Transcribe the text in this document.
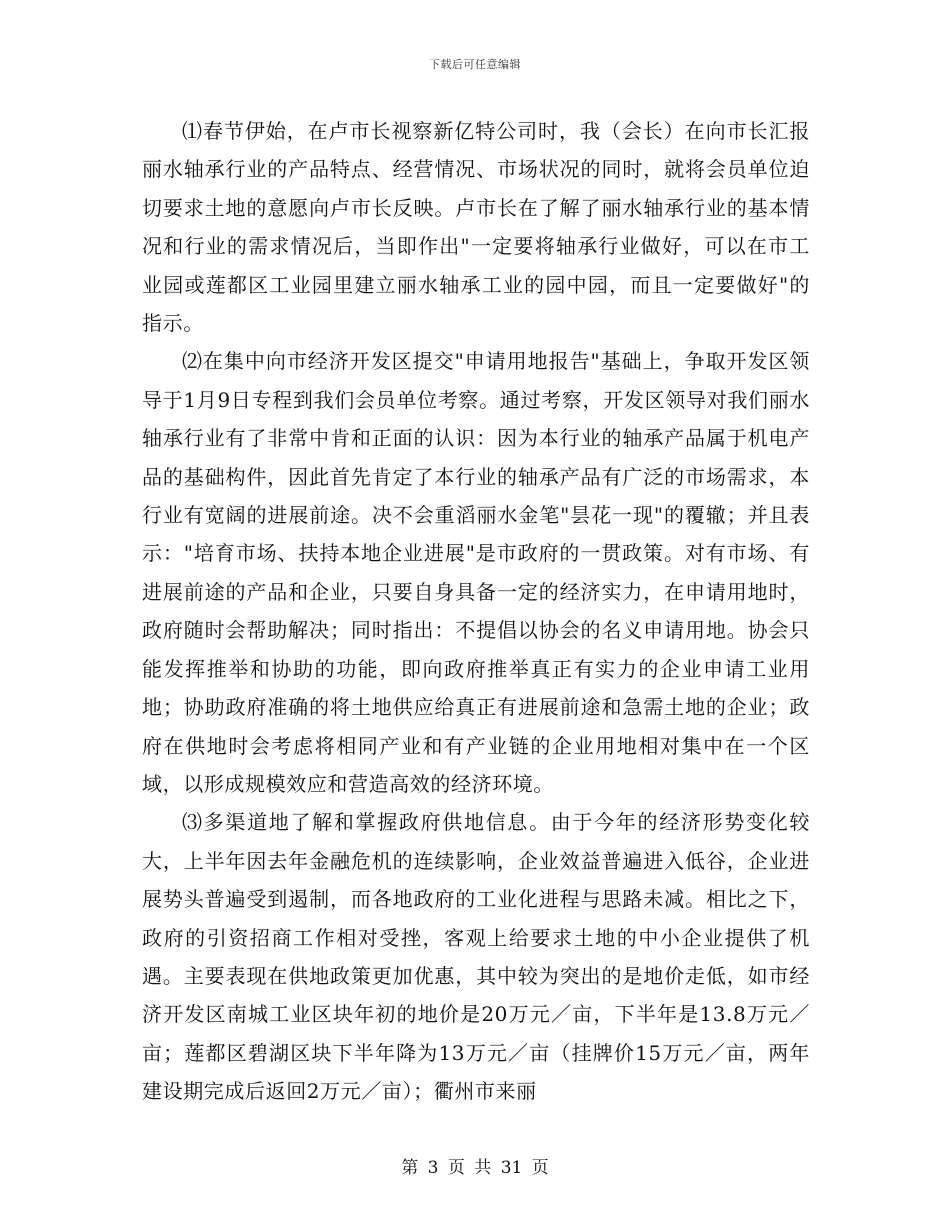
下载后可任意编辑

⑴春节伊始，在卢市长视察新亿特公司时，我（会长）在向市长汇报丽水轴承行业的产品特点、经营情况、市场状况的同时，就将会员单位迫切要求土地的意愿向卢市长反映。卢市长在了解了丽水轴承行业的基本情况和行业的需求情况后，当即作出"一定要将轴承行业做好，可以在市工业园或莲都区工业园里建立丽水轴承工业的园中园，而且一定要做好"的指示。

⑵在集中向市经济开发区提交"申请用地报告"基础上，争取开发区领导于1月9日专程到我们会员单位考察。通过考察，开发区领导对我们丽水轴承行业有了非常中肯和正面的认识：因为本行业的轴承产品属于机电产品的基础构件，因此首先肯定了本行业的轴承产品有广泛的市场需求，本行业有宽阔的进展前途。决不会重滔丽水金笔"昙花一现"的覆辙；并且表示："培育市场、扶持本地企业进展"是市政府的一贯政策。对有市场、有进展前途的产品和企业，只要自身具备一定的经济实力，在申请用地时，政府随时会帮助解决；同时指出：不提倡以协会的名义申请用地。协会只能发挥推举和协助的功能，即向政府推举真正有实力的企业申请工业用地；协助政府准确的将土地供应给真正有进展前途和急需土地的企业；政府在供地时会考虑将相同产业和有产业链的企业用地相对集中在一个区域，以形成规模效应和营造高效的经济环境。

⑶多渠道地了解和掌握政府供地信息。由于今年的经济形势变化较大，上半年因去年金融危机的连续影响，企业效益普遍进入低谷，企业进展势头普遍受到遏制，而各地政府的工业化进程与思路未减。相比之下，政府的引资招商工作相对受挫，客观上给要求土地的中小企业提供了机遇。主要表现在供地政策更加优惠，其中较为突出的是地价走低，如市经济开发区南城工业区块年初的地价是20万元／亩，下半年是13.8万元／亩；莲都区碧湖区块下半年降为13万元／亩（挂牌价15万元／亩，两年建设期完成后返回2万元／亩）；衢州市来丽

第 3 页 共 31 页
